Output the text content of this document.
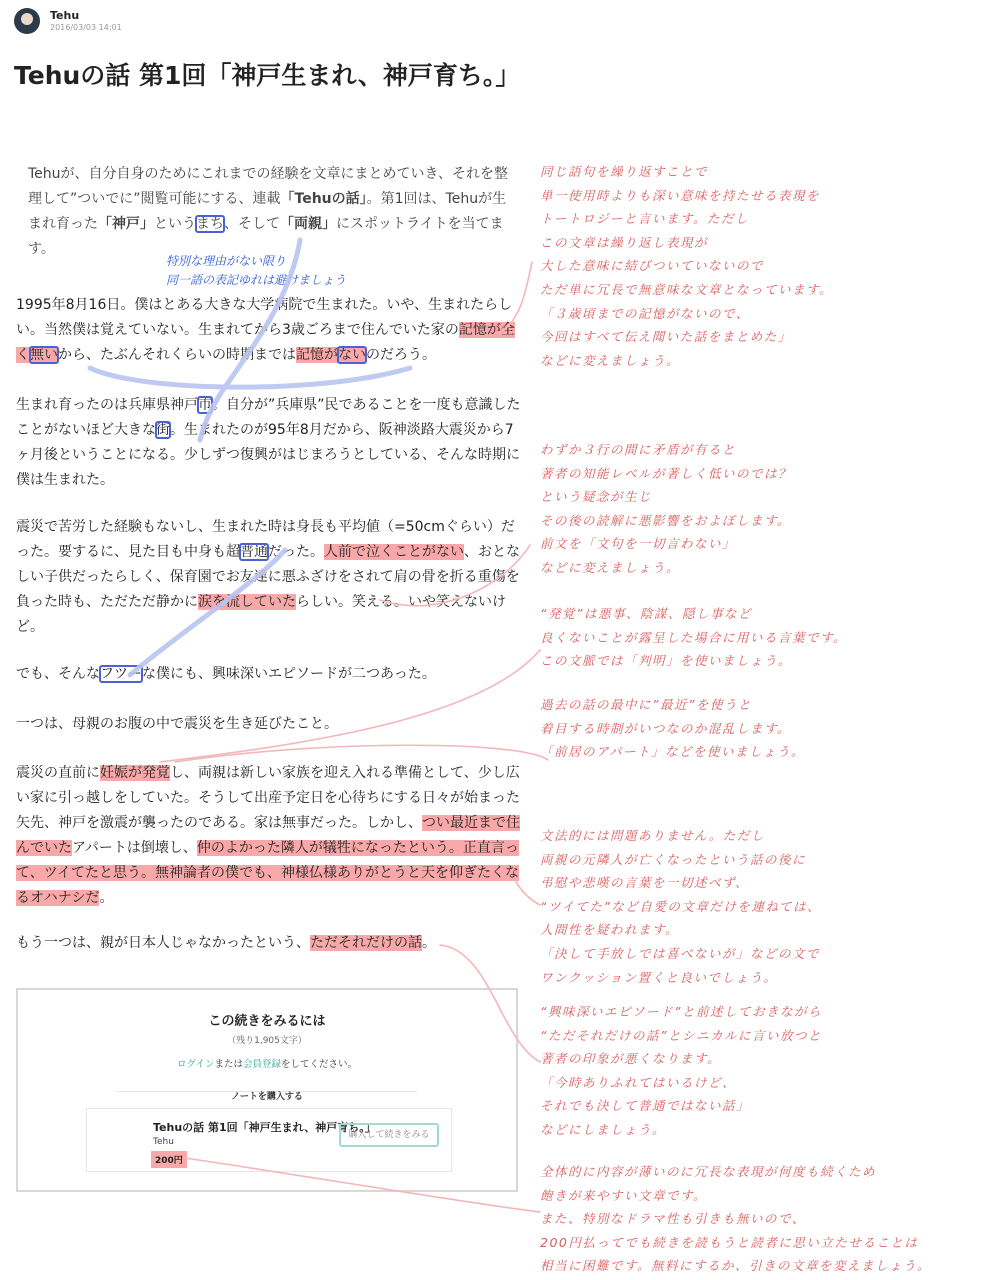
Tehu
2016/03/03 14:01
Tehuの話 第1回「神戸生まれ、神戸育ち。」
Tehuが、自分自身のためにこれまでの経験を文章にまとめていき、それを整理して”ついでに”閲覧可能にする、連載「Tehuの話」。第1回は、Tehuが生まれ育った「神戸」というまち、そして「両親」にスポットライトを当てます。
特別な理由がない限り
同一語の表記ゆれは避けましょう
1995年8月16日。僕はとある大きな大学病院で生まれた。いや、生まれたらしい。当然僕は覚えていない。生まれてから3歳ごろまで住んでいた家の記憶が全く無いから、たぶんそれくらいの時期までは記憶がないのだろう。
生まれ育ったのは兵庫県神戸市。自分が”兵庫県”民であることを一度も意識したことがないほど大きな街。生まれたのが95年8月だから、阪神淡路大震災から7ヶ月後ということになる。少しずつ復興がはじまろうとしている、そんな時期に僕は生まれた。
震災で苦労した経験もないし、生まれた時は身長も平均値（=50cmぐらい）だった。要するに、見た目も中身も超普通だった。人前で泣くことがない、おとなしい子供だったらしく、保育園でお友達に悪ふざけをされて肩の骨を折る重傷を負った時も、ただただ静かに涙を流していたらしい。笑える。いや笑えないけど。
でも、そんなフツーな僕にも、興味深いエピソードが二つあった。
一つは、母親のお腹の中で震災を生き延びたこと。
震災の直前に妊娠が発覚し、両親は新しい家族を迎え入れる準備として、少し広い家に引っ越しをしていた。そうして出産予定日を心待ちにする日々が始まった矢先、神戸を激震が襲ったのである。家は無事だった。しかし、つい最近まで住んでいたアパートは倒壊し、仲のよかった隣人が犠牲になったという。正直言って、ツイてたと思う。無神論者の僕でも、神様仏様ありがとうと天を仰ぎたくなるオハナシだ。
もう一つは、親が日本人じゃなかったという、ただそれだけの話。
この続きをみるには
（残り1,905文字）
ログインまたは会員登録をしてください。
ノートを購入する
Tehuの話 第1回「神戸生まれ、神戸育ち。」
Tehu
200円
購入して続きをみる
同じ語句を繰り返すことで
単一使用時よりも深い意味を持たせる表現を
トートロジーと言います。ただし
この文章は繰り返し表現が
大した意味に結びついていないので
ただ単に冗長で無意味な文章となっています。
「３歳頃までの記憶がないので、
今回はすべて伝え聞いた話をまとめた」
などに変えましょう。
わずか３行の間に矛盾が有ると
著者の知能レベルが著しく低いのでは？
という疑念が生じ
その後の読解に悪影響をおよぼします。
前文を「文句を一切言わない」
などに変えましょう。
“発覚”は悪事、陰謀、隠し事など
良くないことが露呈した場合に用いる言葉です。
この文脈では「判明」を使いましょう。
過去の話の最中に”最近”を使うと
着目する時制がいつなのか混乱します。
「前居のアパート」などを使いましょう。
文法的には問題ありません。ただし
両親の元隣人が亡くなったという話の後に
弔慰や悲嘆の言葉を一切述べず、
“ツイてた”など自愛の文章だけを連ねては、
人間性を疑われます。
「決して手放しでは喜べないが」などの文で
ワンクッション置くと良いでしょう。
“興味深いエピソード”と前述しておきながら
“ただそれだけの話”とシニカルに言い放つと
著者の印象が悪くなります。
「今時ありふれてはいるけど、
それでも決して普通ではない話」
などにしましょう。
全体的に内容が薄いのに冗長な表現が何度も続くため
飽きが来やすい文章です。
また、特別なドラマ性も引きも無いので、
200円払ってでも続きを読もうと読者に思い立たせることは
相当に困難です。無料にするか、引きの文章を変えましょう。
